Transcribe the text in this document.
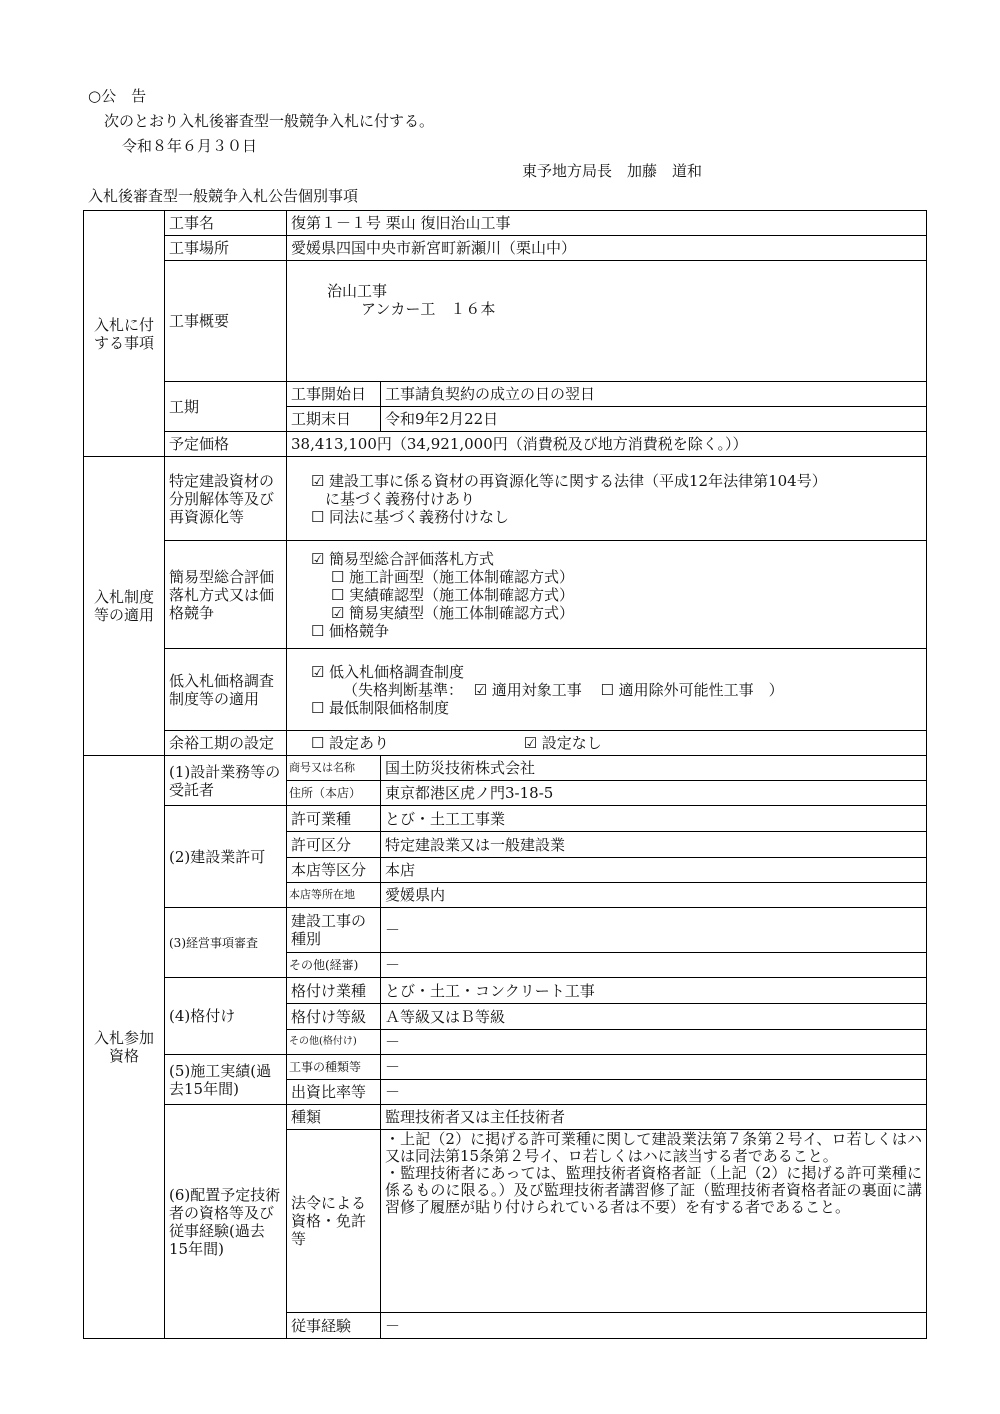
○公　告
次のとおり入札後審査型一般競争入札に付する。
令和８年６月３０日
東予地方局長　加藤　道和
入札後審査型一般競争入札公告個別事項
入札に付する事項	工事名	復第１－１号 栗山 復旧治山工事	
	工事場所	愛媛県四国中央市新宮町新瀬川（栗山中）	
	工事概要	治山工事
アンカー工　１６本	

	工期	工事開始日	工事請負契約の成立の日の翌日
		工期末日	令和9年2月22日
	予定価格	38,413,100円（34,921,000円（消費税及び地方消費税を除く。））	

入札制度等の適用	特定建設資材の分別解体等及び再資源化等	☑ 建設工事に係る資材の再資源化等に関する法律（平成12年法律第104号）
に基づく義務付けあり
☐ 同法に基づく義務付けなし	

	簡易型総合評価落札方式又は価格競争	☑ 簡易型総合評価落札方式
☐ 施工計画型（施工体制確認方式）
☐ 実績確認型（施工体制確認方式）
☑ 簡易実績型（施工体制確認方式）
☐ 価格競争	

	低入札価格調査制度等の適用	☑ 低入札価格調査制度
（失格判断基準： ☑ 適用対象工事 ☐ 適用除外可能性工事　）
☐ 最低制限価格制度	

	余裕工期の設定	☐ 設定あり ☑ 設定なし	
入札参加資格	(1)設計業務等の受託者	商号又は名称	国土防災技術株式会社
		住所（本店）	東京都港区虎ノ門3-18-5
	(2)建設業許可	許可業種	とび・土工工事業
		許可区分	特定建設業又は一般建設業
		本店等区分	本店
		本店等所在地	愛媛県内
	(3)経営事項審査	建設工事の種別	－
		その他(経審)	－
	(4)格付け	格付け業種	とび・土工・コンクリート工事
		格付け等級	Ａ等級又はＢ等級
		その他(格付け)	－
	(5)施工実績(過去15年間)	工事の種類等	－
		出資比率等	－
	(6)配置予定技術者の資格等及び従事経験(過去15年間)	種類	監理技術者又は主任技術者
		法令による資格・免許等	・上記（2）に掲げる許可業種に関して建設業法第７条第２号イ、ロ若しくはハ又は同法第15条第２号イ、ロ若しくはハに該当する者であること。
・監理技術者にあっては、監理技術者資格者証（上記（2）に掲げる許可業種に係るものに限る。）及び監理技術者講習修了証（監理技術者資格者証の裏面に講習修了履歴が貼り付けられている者は不要）を有する者であること。

		従事経験	－
